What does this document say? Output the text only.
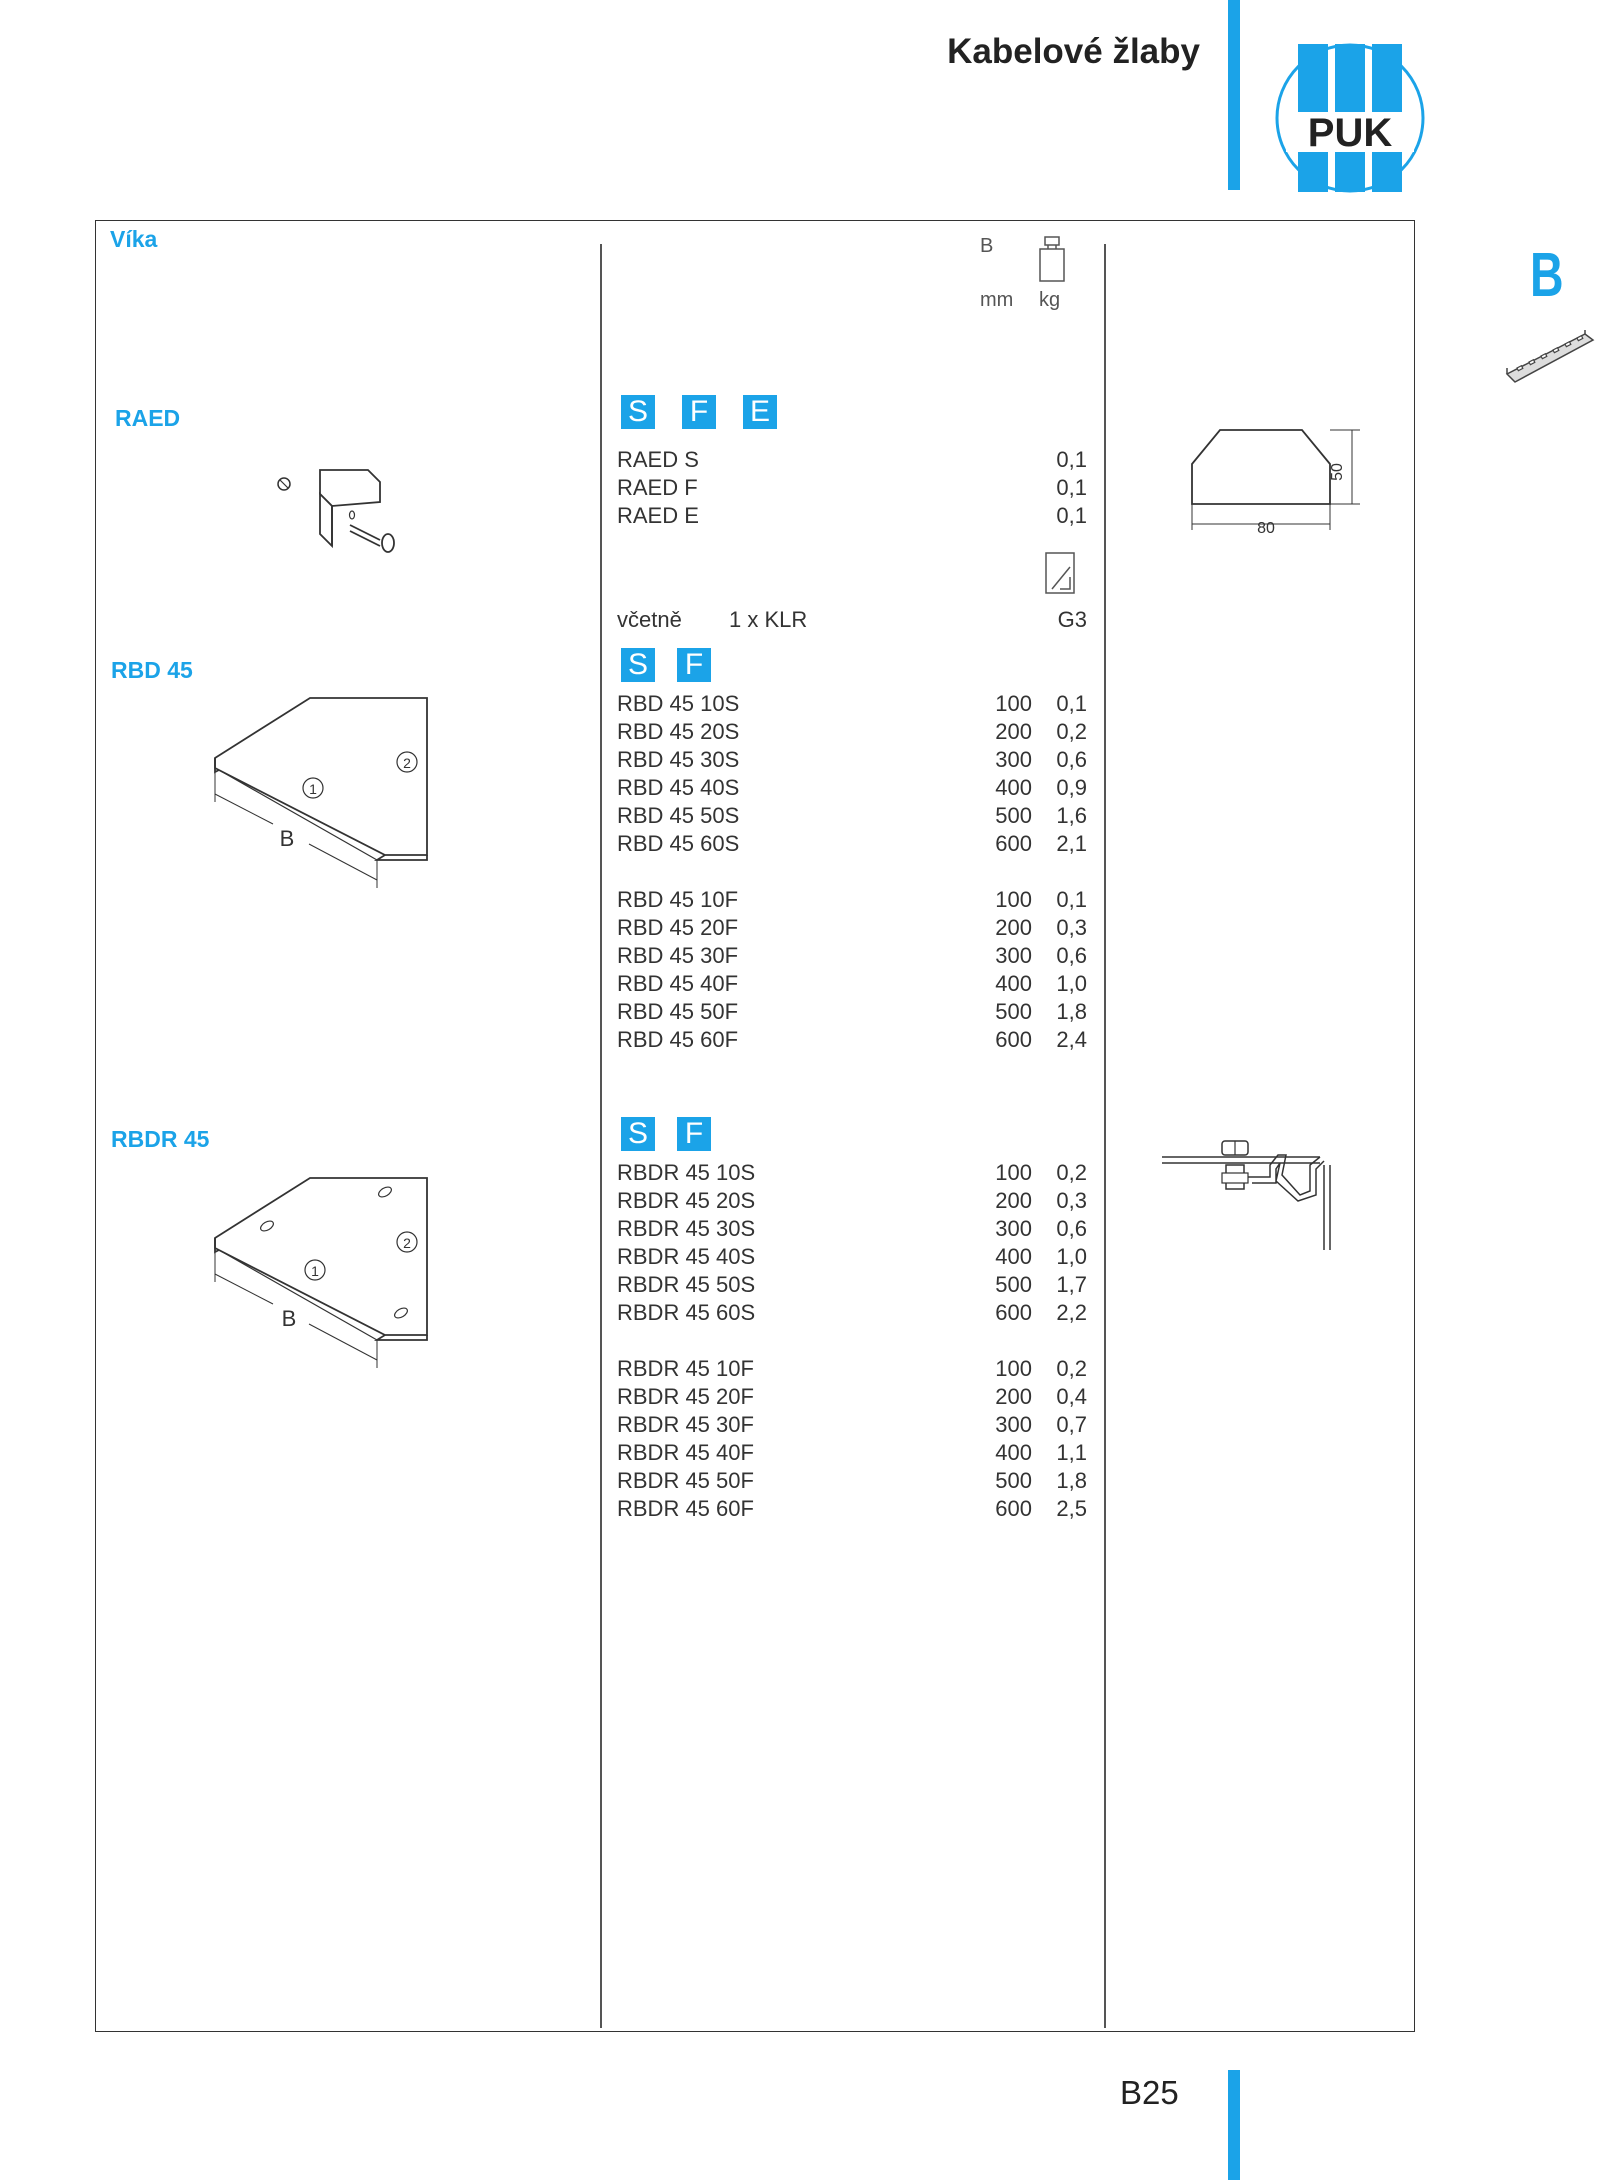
Kabelové žlaby
PUK
B
Víka	B
mm kg
RAED	S F E
RAED S	0,1
RAED F	0,1
RAED E	0,1
včetně 1 x KLR	G3
80
50
RBD 45
B
1
2
S F
RBD 45 10S	100	0,1
RBD 45 20S	200	0,2
RBD 45 30S	300	0,6
RBD 45 40S	400	0,9
RBD 45 50S	500	1,6
RBD 45 60S	600	2,1
RBD 45 10F	100	0,1
RBD 45 20F	200	0,3
RBD 45 30F	300	0,6
RBD 45 40F	400	1,0
RBD 45 50F	500	1,8
RBD 45 60F	600	2,4
RBDR 45
B
1
2
S F
RBDR 45 10S	100	0,2
RBDR 45 20S	200	0,3
RBDR 45 30S	300	0,6
RBDR 45 40S	400	1,0
RBDR 45 50S	500	1,7
RBDR 45 60S	600	2,2
RBDR 45 10F	100	0,2
RBDR 45 20F	200	0,4
RBDR 45 30F	300	0,7
RBDR 45 40F	400	1,1
RBDR 45 50F	500	1,8
RBDR 45 60F	600	2,5
B25
